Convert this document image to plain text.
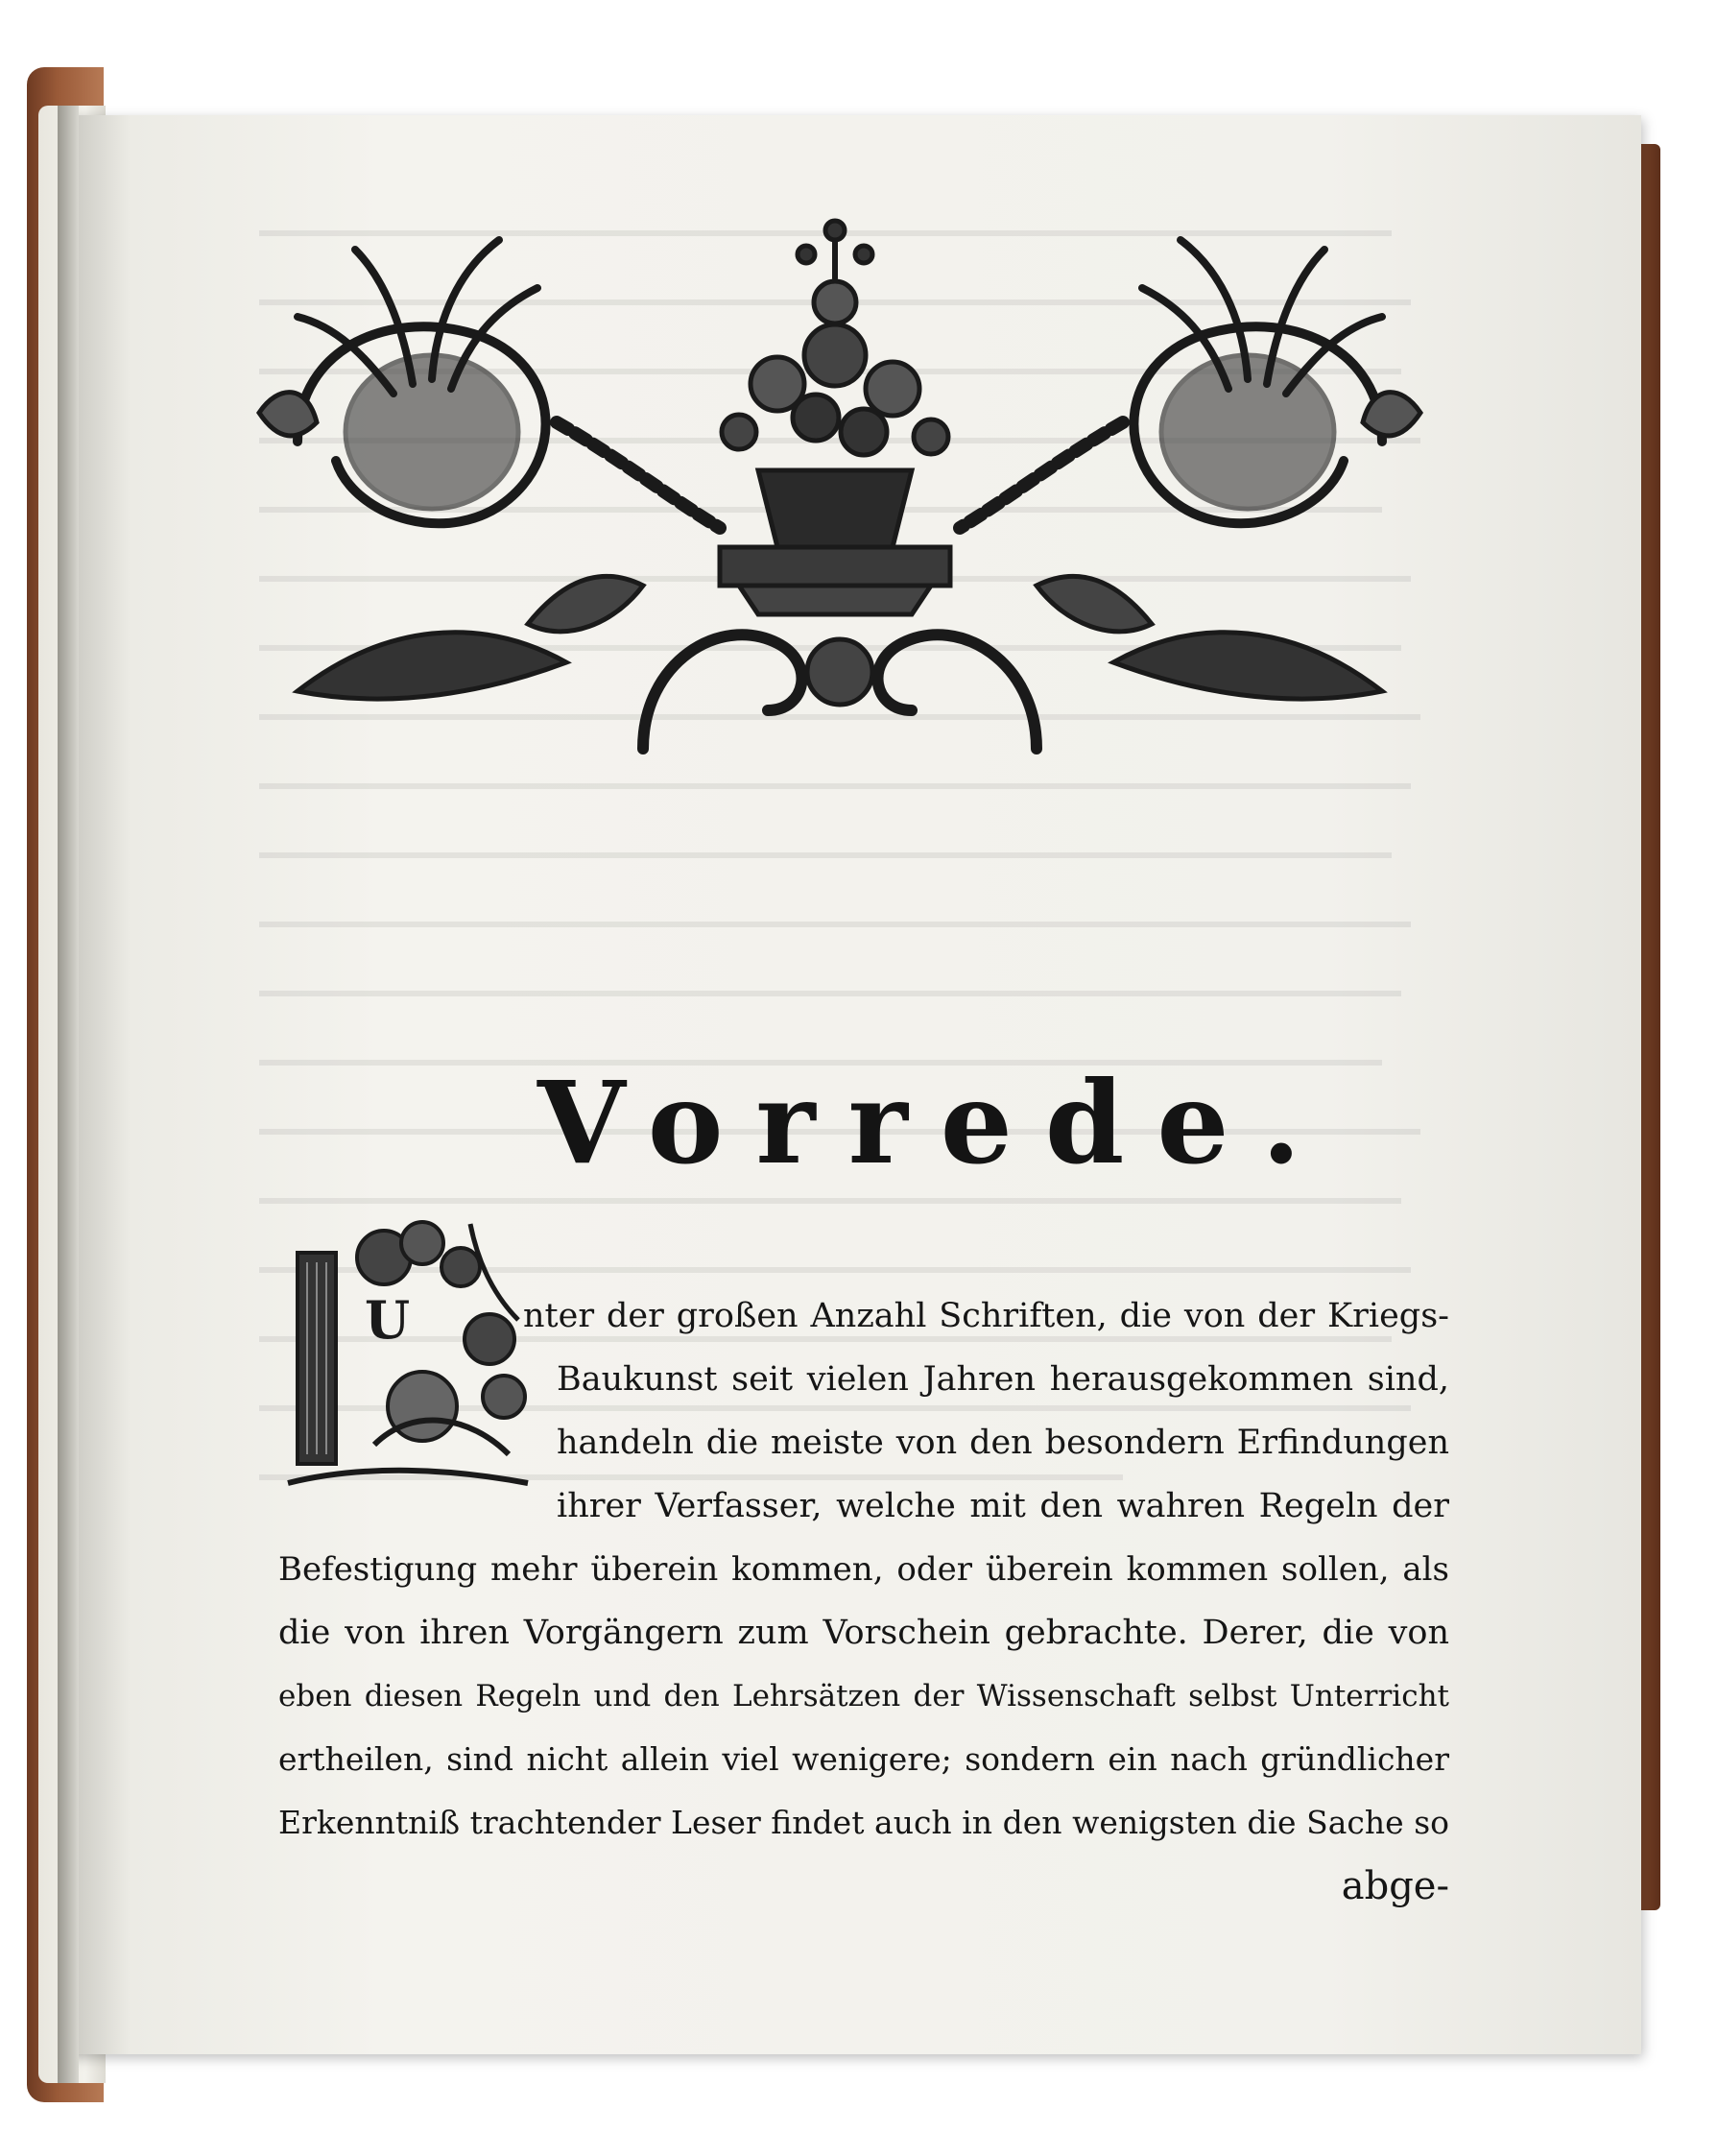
Vorrede.
U	nter der großen Anzahl Schriften, die von der Kriegs-
Baukunst seit vielen Jahren herausgekommen sind,
handeln die meiste von den besondern Erfindungen
ihrer Verfasser, welche mit den wahren Regeln der
Befestigung mehr überein kommen, oder überein kommen sollen, als
die von ihren Vorgängern zum Vorschein gebrachte. Derer, die von
eben diesen Regeln und den Lehrsätzen der Wissenschaft selbst Unterricht
ertheilen, sind nicht allein viel wenigere; sondern ein nach gründlicher
Erkenntniß trachtender Leser findet auch in den wenigsten die Sache so
abge-
